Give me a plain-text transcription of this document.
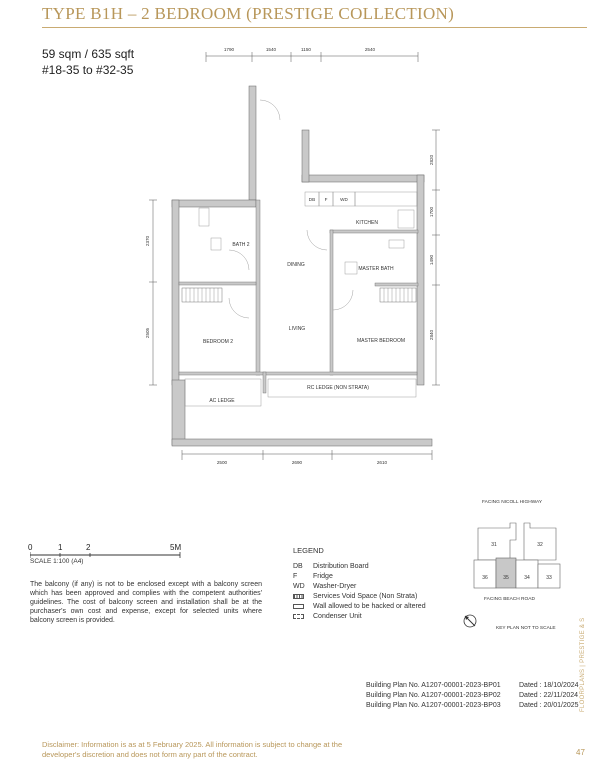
TYPE B1H – 2 BEDROOM (PRESTIGE COLLECTION)
59 sqm / 635 sqft
#18-35 to #32-35
1790	1540	1150	2540
2500	2690	2610
2370
2505
2820
1700
1490
2840
DB F	WD
KITCHEN
BATH 2
DINING
MASTER BATH
LIVING
BEDROOM 2	MASTER BEDROOM
RC LEDGE (NON STRATA)
AC LEDGE
0	1	2	5M
SCALE 1:100 (A4)
The balcony (if any) is not to be enclosed except with a balcony screen which has been approved and complies with the competent authorities' guidelines. The cost of balcony screen and installation shall be at the purchaser's own cost and expense, except for selected units where balcony screen is provided.
LEGEND
DB	Distribution Board
F	Fridge
WD	Washer-Dryer
Services Void Space (Non Strata)
Wall allowed to be hacked or altered
Condenser Unit
FACING NICOLL HIGHWAY
31	32
36	35	34	33
FACING BEACH ROAD
KEY PLAN NOT TO SCALE
Building Plan No. A1207-00001-2023-BP01	Dated : 18/10/2024
Building Plan No. A1207-00001-2023-BP02	Dated : 22/11/2024
Building Plan No. A1207-00001-2023-BP03	Dated : 20/01/2025 FLOORPLANS | PRESTIGE & S
Disclaimer: Information is as at 5 February 2025. All information is subject to change at the developer's discretion and does not form any part of the contract.	47
